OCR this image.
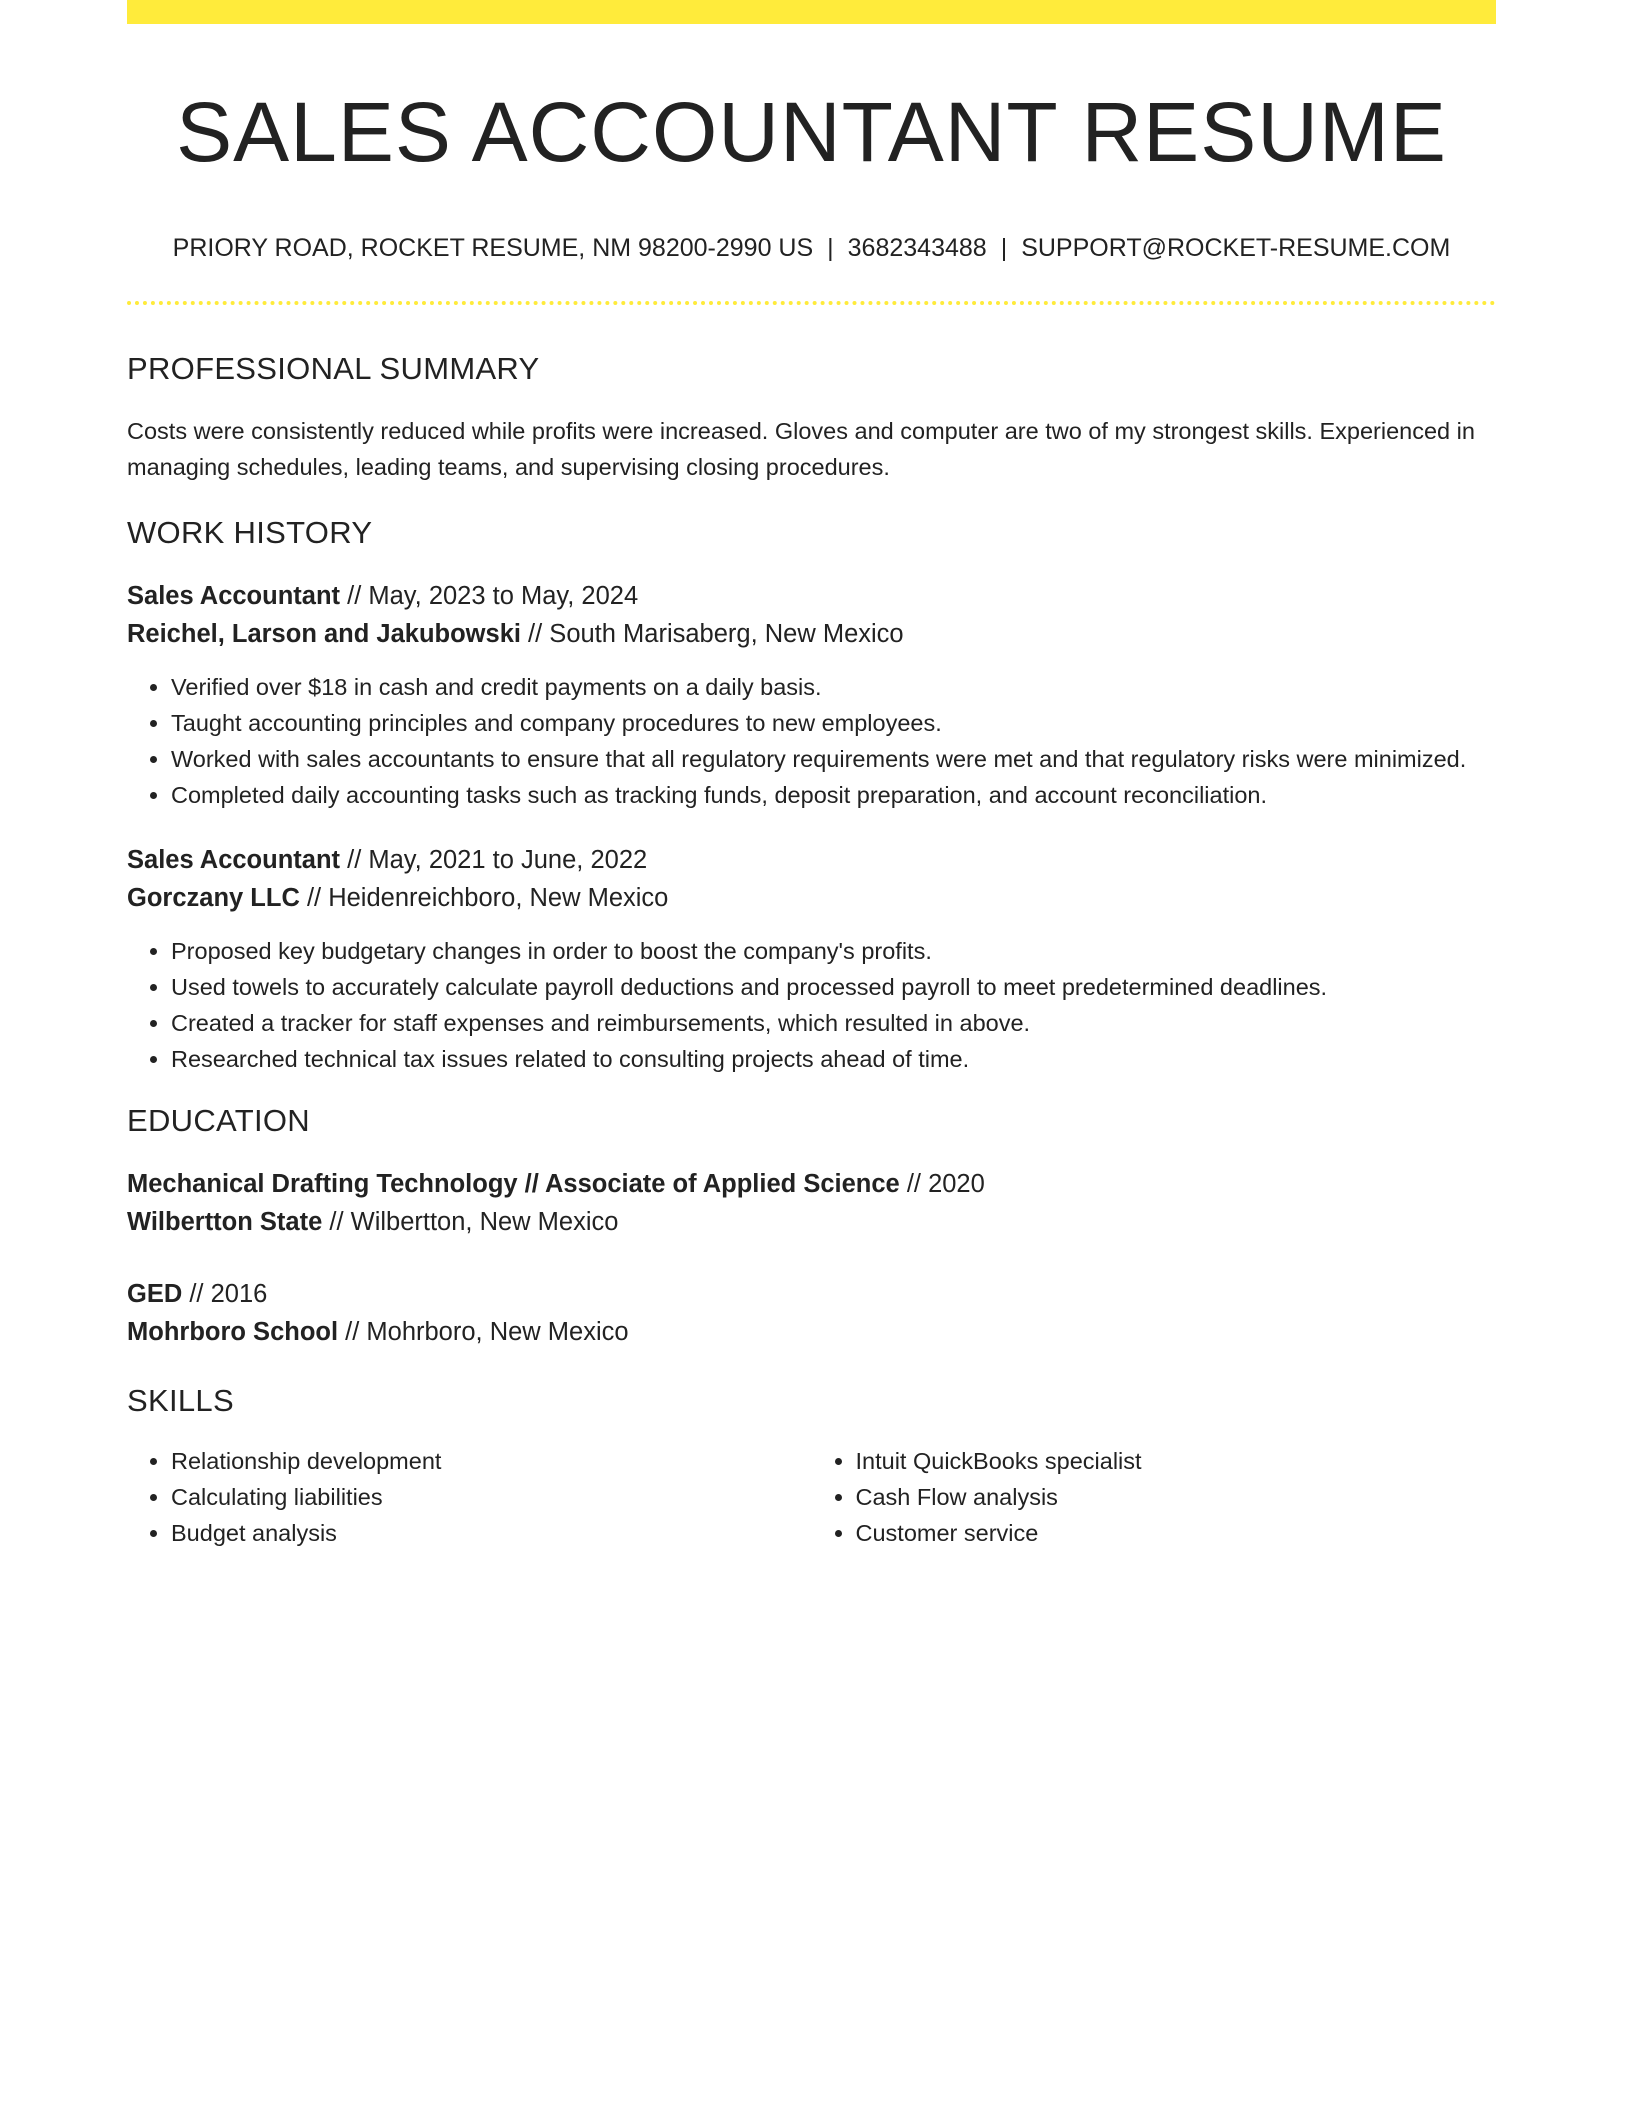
SALES ACCOUNTANT RESUME
PRIORY ROAD, ROCKET RESUME, NM 98200-2990 US | 3682343488 | SUPPORT@ROCKET-RESUME.COM
PROFESSIONAL SUMMARY
Costs were consistently reduced while profits were increased. Gloves and computer are two of my strongest skills. Experienced in managing schedules, leading teams, and supervising closing procedures.
WORK HISTORY
Sales Accountant // May, 2023 to May, 2024
Reichel, Larson and Jakubowski // South Marisaberg, New Mexico
• Verified over $18 in cash and credit payments on a daily basis.
• Taught accounting principles and company procedures to new employees.
• Worked with sales accountants to ensure that all regulatory requirements were met and that regulatory risks were minimized.
• Completed daily accounting tasks such as tracking funds, deposit preparation, and account reconciliation.
Sales Accountant // May, 2021 to June, 2022
Gorczany LLC // Heidenreichboro, New Mexico
• Proposed key budgetary changes in order to boost the company's profits.
• Used towels to accurately calculate payroll deductions and processed payroll to meet predetermined deadlines.
• Created a tracker for staff expenses and reimbursements, which resulted in above.
• Researched technical tax issues related to consulting projects ahead of time.
EDUCATION
Mechanical Drafting Technology // Associate of Applied Science // 2020
Wilbertton State // Wilbertton, New Mexico
GED // 2016
Mohrboro School // Mohrboro, New Mexico
SKILLS
• Relationship development
• Calculating liabilities
• Budget analysis
• Intuit QuickBooks specialist
• Cash Flow analysis
• Customer service
